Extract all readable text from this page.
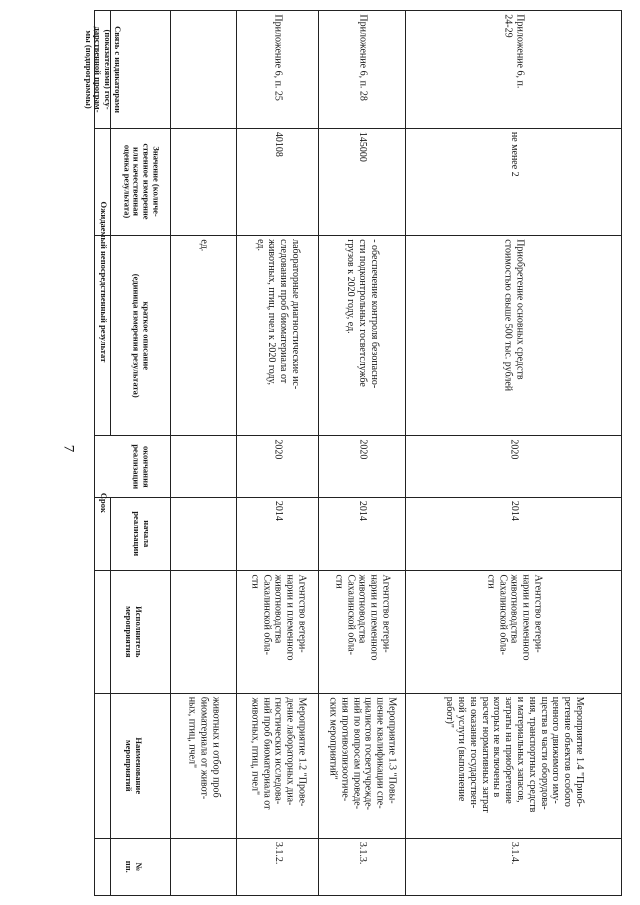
7
Связь с индикаторами
(показателями) госу-
дарственной програм-
мы (подпрограммы)
Ожидаемый непосредственный результат
Значение (количе-
ственное измерение
или качественная
оценка результата)
краткое описание
(единица измерения результата)
Срок
окончания
реализации
начала
реализации
Исполнитель
мероприятия
Наименование
мероприятий
№
пп.
животных и отбор проб
биоматериала от живот-
ных, птиц, пчел"
ед.
3.1.2.
Мероприятие 1.2 "Прове-
дение лабораторных диа-
гностических исследова-
ний проб биоматериала от
животных, птиц, пчел"
Агентство ветери-
нарии и племенного
животноводства
Сахалинской обла-
сти
2014
2020
лабораторные диагностические ис-
следования проб биоматериала от
животных, птиц, пчел к 2020 году,
ед.
40108
Приложение 6, п. 25
3.1.3.
Мероприятие 1.3 "Повы-
шение квалификации спе-
циалистов госветучрежде-
ний по вопросам проведе-
ния противоэпизоотиче-
ских мероприятий"
Агентство ветери-
нарии и племенного
животноводства
Сахалинской обла-
сти
2014
2020
- обеспечение контроля безопасно-
сти подконтрольных госветслужбе
грузов к 2020 году, ед.
145000
Приложение 6, п. 28
3.1.4.
Мероприятие 1.4 "Приоб-
ретение объектов особого
ценного движимого иму-
щества в части оборудова-
ния, транспортных средств
и материальных запасов,
затраты на приобретение
которых не включены в
расчет нормативных затрат
на оказание государствен-
ной услуги (выполнение
работ)"
Агентство ветери-
нарии и племенного
животноводства
Сахалинской обла-
сти
2014
2020
Приобретение основных средств
стоимостью свыше 500 тыс. рублей
не менее 2
Приложение 6, п.
24-29
